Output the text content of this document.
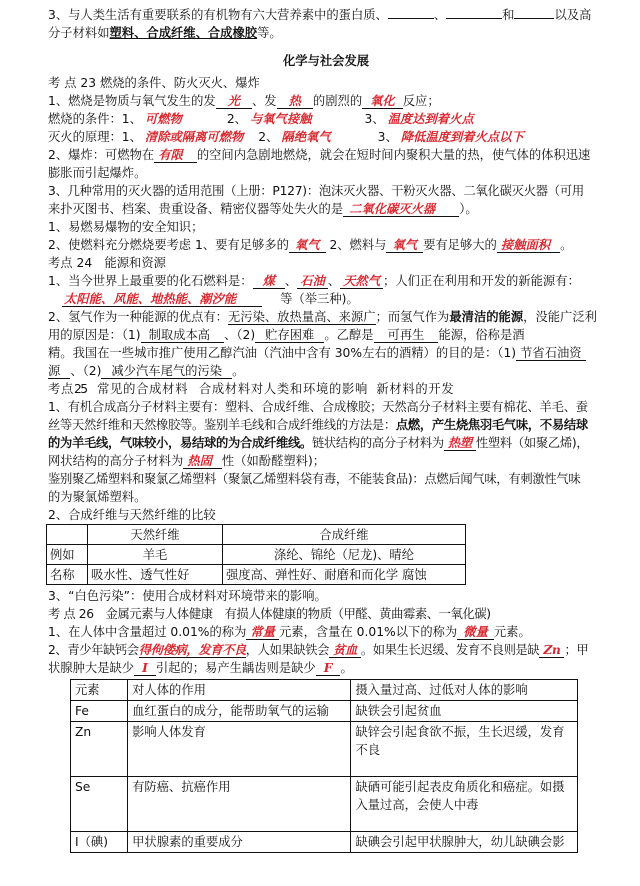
3、与人类生活有重要联系的有机物有六大营养素中的蛋白质、	、	和	以及高
分子材料如塑料、合成纤维、合成橡胶等。
化学与社会发展
考 点 23 燃烧的条件、防火灭火、爆炸
1、燃烧是物质与氧气发生的发 光 、发 热 的剧烈的 氧化 反应；
燃烧的条件：1、 可燃物	2、 与氧气接触	3、 温度达到着火点
灭火的原理：1、 清除或隔离可燃物 2、 隔绝氧气	3、 降低温度到着火点以下
2、爆炸：可燃物在 有限 的空间内急剧地燃烧，就会在短时间内聚积大量的热，使气体的体积迅速
膨胀而引起爆炸。
3、几种常用的灭火器的适用范围（上册：P127)：泡沫灭火器、干粉灭火器、二氧化碳灭火器（可用
来扑灭图书、档案、贵重设备、精密仪器等处失火的是 二氧化碳灭火器 ）。
1、易燃易爆物的安全知识；
2、使燃料充分燃烧要考虑 1、要有足够多的 氧气 2、燃料与 氧气 要有足够大的 接触面积 。
考点 24　能源和资源
1、当今世界上最重要的化石燃料是： 煤 、 石油 、 天然气 ；人们正在利用和开发的新能源有：
太阳能、风能、地热能、潮汐能	等（举三种)。
2、氢气作为一种能源的优点有：无污染、放热量高、来源广；而氢气作为最清洁的能源，没能广泛利
用的原因是：（1) 制取成本高 、（2) 贮存困难 。乙醇是 可再生 能源，俗称是酒
精。我国在一些城市推广使用乙醇汽油（汽油中含有 30%左右的酒精）的目的是：（1) 节省石油资
源 、（2) 减少汽车尾气的污染 。
考 点 25　常 见 的 合 成 材 料　 合 成 材 料 对 人 类 和 环 境 的 影 响　新 材 料 的 开 发
1、有机合成高分子材料主要有：塑料、合成纤维、合成橡胶；天然高分子材料主要有棉花、羊毛、蚕
丝等天然纤维和天然橡胶等。鉴别羊毛线和合成纤维线的方法是：点燃，产生烧焦羽毛气味，不易结球
的为羊毛线，气味较小，易结球的为合成纤维线。链状结构的高分子材料为 热塑 性塑料（如聚乙烯)，
网状结构的高分子材料为 热固 性（如酚醛塑料)；
鉴别聚乙烯塑料和聚氯乙烯塑料（聚氯乙烯塑料袋有毒，不能装食品)：点燃后闻气味，有刺激性气味
的为聚氯烯塑料。
2、合成纤维与天然纤维的比较
	天然纤维	合成纤维
例如	羊毛	涤纶、锦纶（尼龙)、晴纶
名称	吸水性、透气性好	强度高、弹性好、耐磨和而化学 腐蚀
3、“白色污染”：使用合成材料对环境带来的影响。
考 点 26　金属元素与人体健康　有损人体健康的物质（甲醛、黄曲霉素、一氧化碳)
1、在人体中含量超过 0.01%的称为 常量 元素，含量在 0.01%以下的称为 微量 元素。
2、青少年缺钙会得佝偻病，发育不良，人如果缺铁会 贫血 。如果生长迟缓、发育不良则是缺 Zn ；甲
状腺肿大是缺少 I 引起的；易产生龋齿则是缺少 F 。
元素	对人体的作用	摄入量过高、过低对人体的影响
Fe	血红蛋白的成分，能帮助氧气的运输	缺铁会引起贫血
Zn	影响人体发育	缺锌会引起食欲不振，生长迟缓，发育不良
Se	有防癌、抗癌作用	缺硒可能引起表皮角质化和癌症。如摄入量过高，会使人中毒
I（碘)	甲状腺素的重要成分	缺碘会引起甲状腺肿大，幼儿缺碘会影
